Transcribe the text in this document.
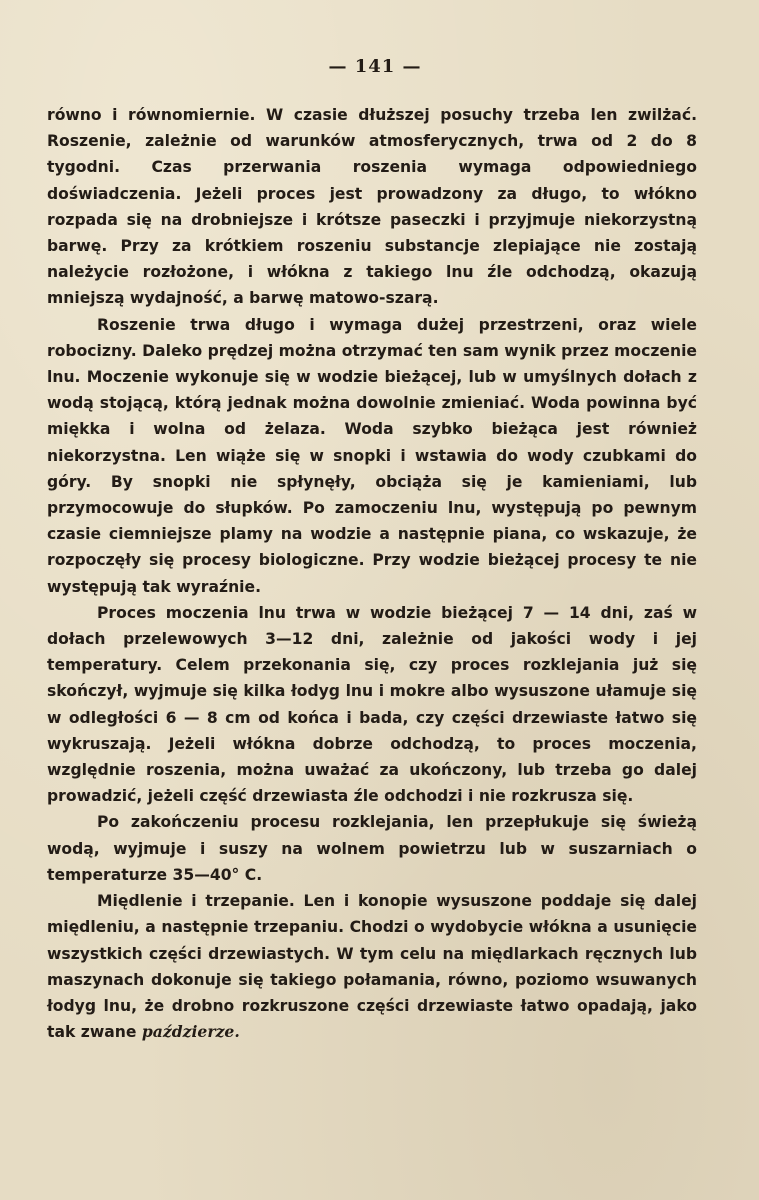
— 141 —

równo i równomiernie. W czasie dłuższej posuchy trzeba len zwilżać. Roszenie, zależnie od warunków atmosferycznych, trwa od 2 do 8 tygodni. Czas przerwania roszenia wymaga odpowiedniego doświadczenia. Jeżeli proces jest prowadzony za długo, to włókno rozpada się na drobniejsze i krótsze paseczki i przyjmuje niekorzystną barwę. Przy za krótkiem roszeniu substancje zlepiające nie zostają należycie rozłożone, i włókna z takiego lnu źle odchodzą, okazują mniejszą wydajność, a barwę matowo-szarą.

Roszenie trwa długo i wymaga dużej przestrzeni, oraz wiele robocizny. Daleko prędzej można otrzymać ten sam wynik przez moczenie lnu. Moczenie wykonuje się w wodzie bieżącej, lub w umyślnych dołach z wodą stojącą, którą jednak można dowolnie zmieniać. Woda powinna być miękka i wolna od żelaza. Woda szybko bieżąca jest również niekorzystna. Len wiąże się w snopki i wstawia do wody czubkami do góry. By snopki nie spłynęły, obciąża się je kamieniami, lub przymocowuje do słupków. Po zamoczeniu lnu, występują po pewnym czasie ciemniejsze plamy na wodzie a następnie piana, co wskazuje, że rozpoczęły się procesy biologiczne. Przy wodzie bieżącej procesy te nie występują tak wyraźnie.

Proces moczenia lnu trwa w wodzie bieżącej 7 — 14 dni, zaś w dołach przelewowych 3—12 dni, zależnie od jakości wody i jej temperatury. Celem przekonania się, czy proces rozklejania już się skończył, wyjmuje się kilka łodyg lnu i mokre albo wysuszone ułamuje się w odległości 6 — 8 cm od końca i bada, czy części drzewiaste łatwo się wykruszają. Jeżeli włókna dobrze odchodzą, to proces moczenia, względnie roszenia, można uważać za ukończony, lub trzeba go dalej prowadzić, jeżeli część drzewiasta źle odchodzi i nie rozkrusza się.

Po zakończeniu procesu rozklejania, len przepłukuje się świeżą wodą, wyjmuje i suszy na wolnem powietrzu lub w suszarniach o temperaturze 35—40° C.

Międlenie i trzepanie. Len i konopie wysuszone poddaje się dalej międleniu, a następnie trzepaniu. Chodzi o wydobycie włókna a usunięcie wszystkich części drzewiastych. W tym celu na międlarkach ręcznych lub maszynach dokonuje się takiego połamania, równo, poziomo wsuwanych łodyg lnu, że drobno rozkruszone części drzewiaste łatwo opadają, jako tak zwane paździerze.
